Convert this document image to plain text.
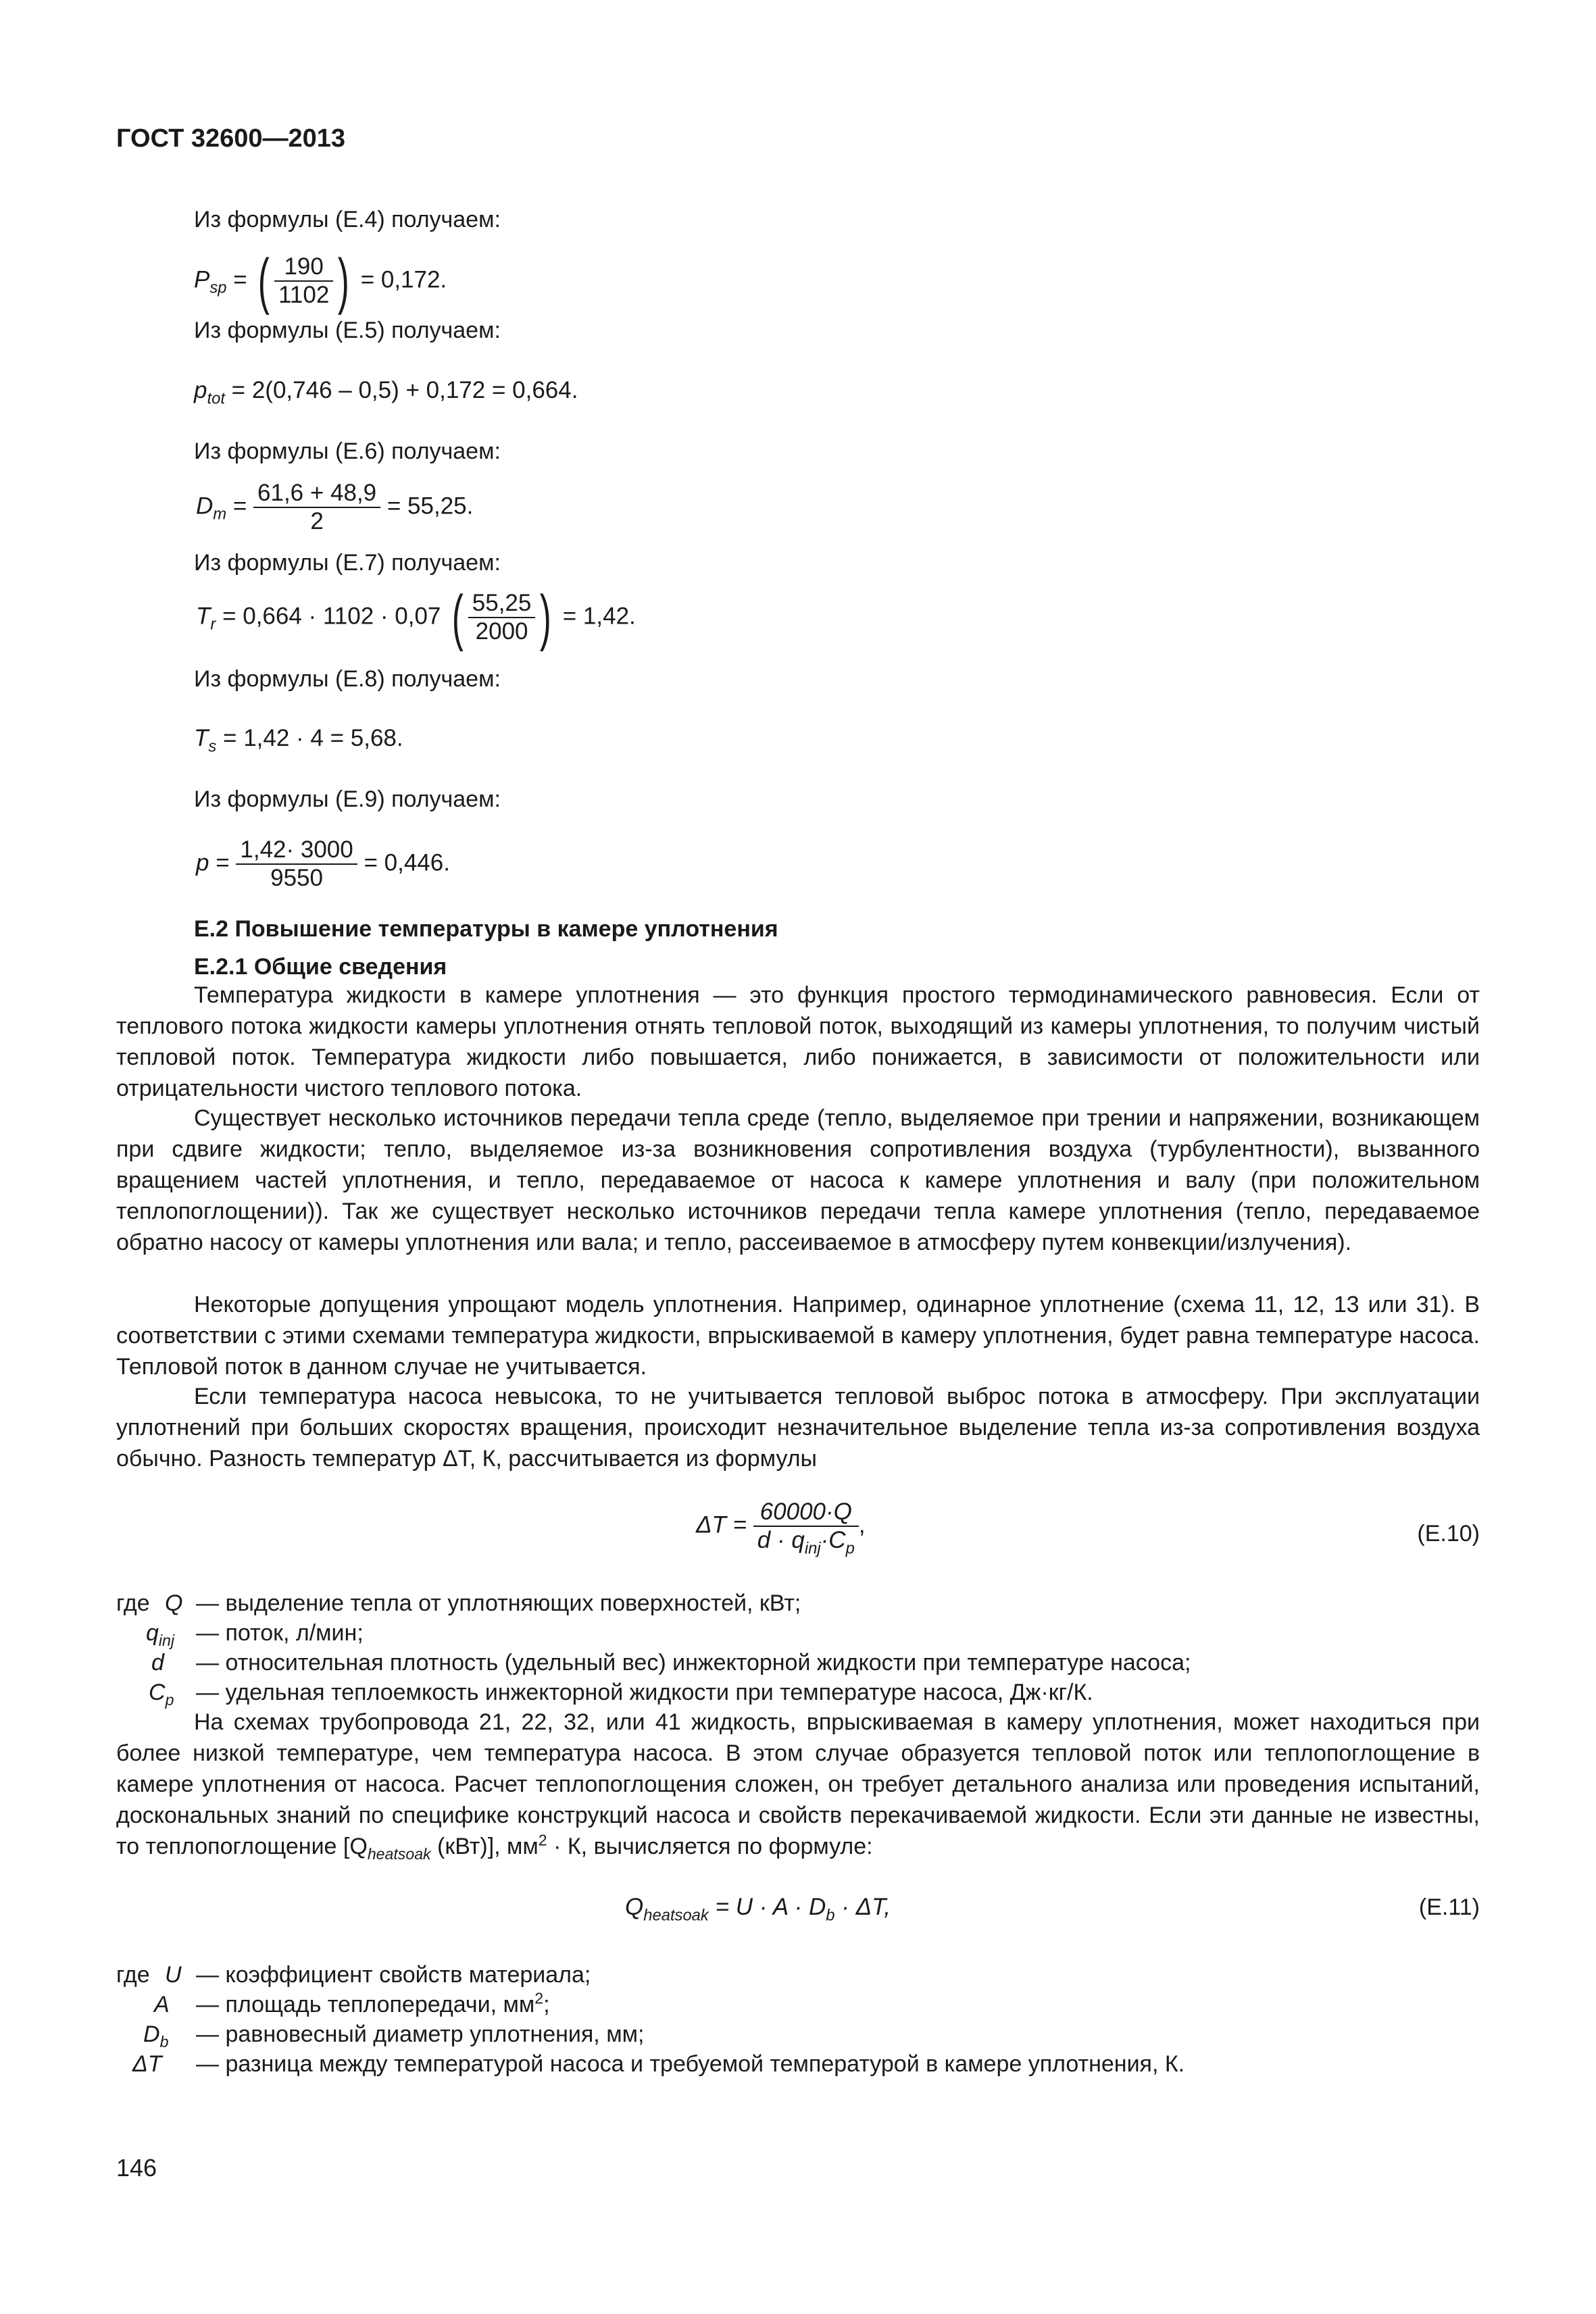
ГОСТ 32600—2013
Из формулы (Е.4) получаем:
$P_{sp}$ = ( $\frac{190}{1102}$ ) = 0,172.
Из формулы (Е.5) получаем:
$p_{tot} = 2(0,746 - 0,5) + 0,172 = 0,664$.
Из формулы (Е.6) получаем:
$D_m = \frac{61,6 + 48,9}{2} = 55,25$.
Из формулы (Е.7) получаем:
$T_r = 0,664 \cdot 1102 \cdot 0,07$ ( $\frac{55,25}{2000}$ ) = 1,42.
Из формулы (Е.8) получаем:
$T_s = 1,42 \cdot 4 = 5,68$.
Из формулы (Е.9) получаем:
$p = \frac{1,42\cdot 3000}{9550} = 0,446$.
Е.2 Повышение температуры в камере уплотнения
Е.2.1 Общие сведения
Температура жидкости в камере уплотнения — это функция простого термодинамического равновесия. Если от теплового потока жидкости камеры уплотнения отнять тепловой поток, выходящий из камеры уплотнения, то получим чистый тепловой поток. Температура жидкости либо повышается, либо понижается, в зависимости от положительности или отрицательности чистого теплового потока.
Существует несколько источников передачи тепла среде (тепло, выделяемое при трении и напряжении, возникающем при сдвиге жидкости; тепло, выделяемое из-за возникновения сопротивления воздуха (турбулентности), вызванного вращением частей уплотнения, и тепло, передаваемое от насоса к камере уплотнения и валу (при положительном теплопоглощении)). Так же существует несколько источников передачи тепла камере уплотнения (тепло, передаваемое обратно насосу от камеры уплотнения или вала; и тепло, рассеиваемое в атмосферу путем конвекции/излучения).
Некоторые допущения упрощают модель уплотнения. Например, одинарное уплотнение (схема 11, 12, 13 или 31). В соответствии с этими схемами температура жидкости, впрыскиваемой в камеру уплотнения, будет равна температуре насоса. Тепловой поток в данном случае не учитывается.
Если температура насоса невысока, то не учитывается тепловой выброс потока в атмосферу. При эксплуатации уплотнений при больших скоростях вращения, происходит незначительное выделение тепла из-за сопротивления воздуха обычно. Разность температур ΔT, К, рассчитывается из формулы
$\Delta T = \frac{60000\cdot Q}{d \cdot q_{inj}\cdot C_p}$ ,	(Е.10)
где Q — выделение тепла от уплотняющих поверхностей, кВт;
$q_{inj}$ — поток, л/мин;
d — относительная плотность (удельный вес) инжекторной жидкости при температуре насоса;
$C_p$ — удельная теплоемкость инжекторной жидкости при температуре насоса, Дж·кг/К.
На схемах трубопровода 21, 22, 32, или 41 жидкость, впрыскиваемая в камеру уплотнения, может находиться при более низкой температуре, чем температура насоса. В этом случае образуется тепловой поток или теплопоглощение в камере уплотнения от насоса. Расчет теплопоглощения сложен, он требует детального анализа или проведения испытаний, доскональных знаний по специфике конструкций насоса и свойств перекачиваемой жидкости. Если эти данные не известны, то теплопоглощение [$Q_{heatsoak}$ (кВт)], $мм^2 \cdot К$, вычисляется по формуле:
$Q_{heatsoak} = U \cdot A \cdot D_b \cdot \Delta T$,	(Е.11)
где U — коэффициент свойств материала;
A — площадь теплопередачи, $мм^2$;
$D_b$ — равновесный диаметр уплотнения, мм;
ΔT — разница между температурой насоса и требуемой температурой в камере уплотнения, К.
146
